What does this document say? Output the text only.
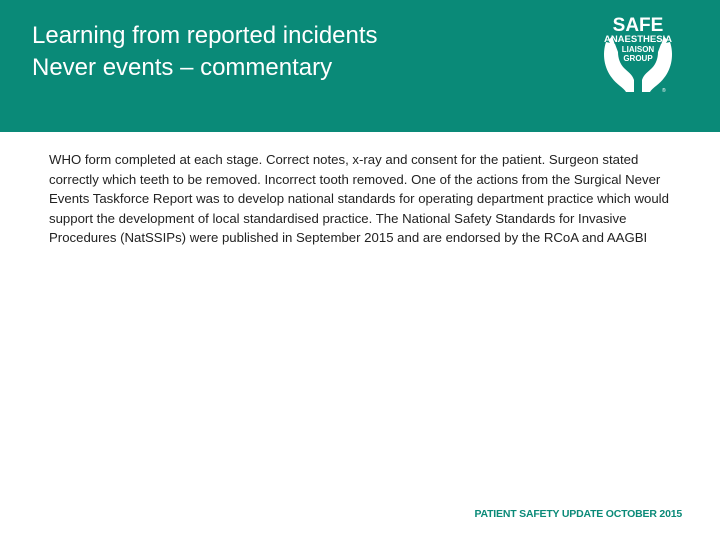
Learning from reported incidents
Never events – commentary
SAFE
ANAESTHESIA
LIAISON
GROUP
®
WHO form completed at each stage. Correct notes, x-ray and consent for the patient. Surgeon stated correctly which teeth to be removed. Incorrect tooth removed. One of the actions from the Surgical Never Events Taskforce Report was to develop national standards for operating department practice which would support the development of local standardised practice. The National Safety Standards for Invasive Procedures (NatSSIPs) were published in September 2015 and are endorsed by the RCoA and AAGBI
PATIENT SAFETY UPDATE OCTOBER 2015
